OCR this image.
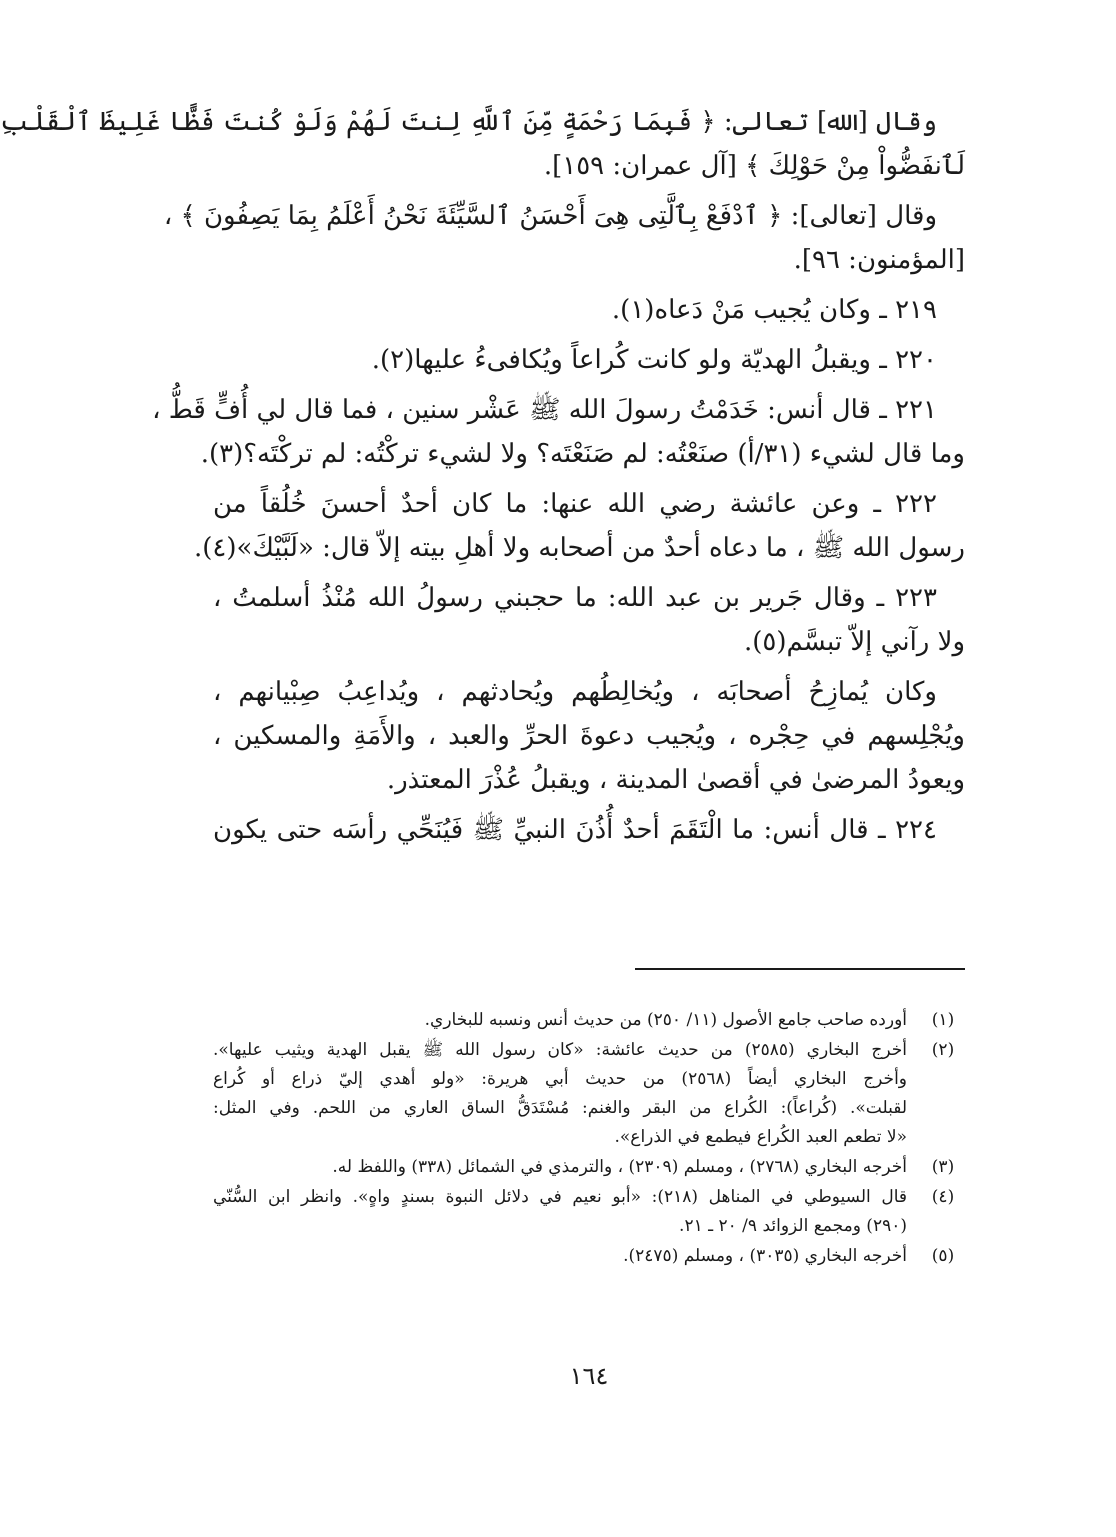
وقال [الله] تعالى: ﴿ فَبِمَا رَحْمَةٍ مِّنَ ٱللَّهِ لِنتَ لَهُمْ وَلَوْ كُنتَ فَظًّا غَلِيظَ ٱلْقَلْبِ
لَٱنفَضُّواْ مِنْ حَوْلِكَ ﴾ [آل عمران: ١٥٩].

وقال [تعالى]: ﴿ ٱدْفَعْ بِٱلَّتِى هِىَ أَحْسَنُ ٱلسَّيِّئَةَ نَحْنُ أَعْلَمُ بِمَا يَصِفُونَ ﴾ ،
[المؤمنون: ٩٦].

٢١٩ ـ وكان يُجيب مَنْ دَعاه(١).

٢٢٠ ـ ويقبلُ الهديّة ولو كانت كُراعاً ويُكافىءُ عليها(٢).

٢٢١ ـ قال أنس: خَدَمْتُ رسولَ الله ﷺ عَشْر سنين ، فما قال لي أُفٍّ قَطُّ ،
وما قال لشيء (٣١/أ) صنَعْتُه: لم صَنَعْتَه؟ ولا لشيء تركْتُه: لم تركْتَه؟(٣).

٢٢٢ ـ وعن عائشة رضي الله عنها: ما كان أحدٌ أحسنَ خُلُقاً من
رسول الله ﷺ ، ما دعاه أحدٌ من أصحابه ولا أهلِ بيته إلاّ قال: «لَبَّيْكَ»(٤).

٢٢٣ ـ وقال جَرير بن عبد الله: ما حجبني رسولُ الله مُنْذُ أسلمتُ ،
ولا رآني إلاّ تبسَّم(٥).

وكان يُمازِحُ أصحابَه ، ويُخالِطُهم ويُحادثهم ، ويُداعِبُ صِبْيانهم ،
ويُجْلِسهم في حِجْره ، ويُجيب دعوةَ الحرِّ والعبد ، والأَمَةِ والمسكين ،
ويعودُ المرضىٰ في أقصىٰ المدينة ، ويقبلُ عُذْرَ المعتذر.

٢٢٤ ـ قال أنس: ما الْتَقَمَ أحدٌ أُذُنَ النبيِّ ﷺ فَيُنَحِّي رأسَه حتى يكون

(١)
أورده صاحب جامع الأصول (١١/ ٢٥٠) من حديث أنس ونسبه للبخاري.
(٢)
أخرج البخاري (٢٥٨٥) من حديث عائشة: «كان رسول الله ﷺ يقبل الهدية ويثيب عليها».
وأخرج البخاري أيضاً (٢٥٦٨) من حديث أبي هريرة: «ولو أهدي إليّ ذراع أو كُراع
لقبلت». (كُراعاً): الكُراع من البقر والغنم: مُسْتَدَقُّ الساق العاري من اللحم. وفي المثل:
«لا تطعم العبد الكُراع فيطمع في الذراع».
(٣)
أخرجه البخاري (٢٧٦٨) ، ومسلم (٢٣٠٩) ، والترمذي في الشمائل (٣٣٨) واللفظ له.
(٤)
قال السيوطي في المناهل (٢١٨): «أبو نعيم في دلائل النبوة بسندٍ واهٍ». وانظر ابن السُّنّي
(٢٩٠) ومجمع الزوائد ٩/ ٢٠ ـ ٢١.
(٥)
أخرجه البخاري (٣٠٣٥) ، ومسلم (٢٤٧٥).
١٦٤
